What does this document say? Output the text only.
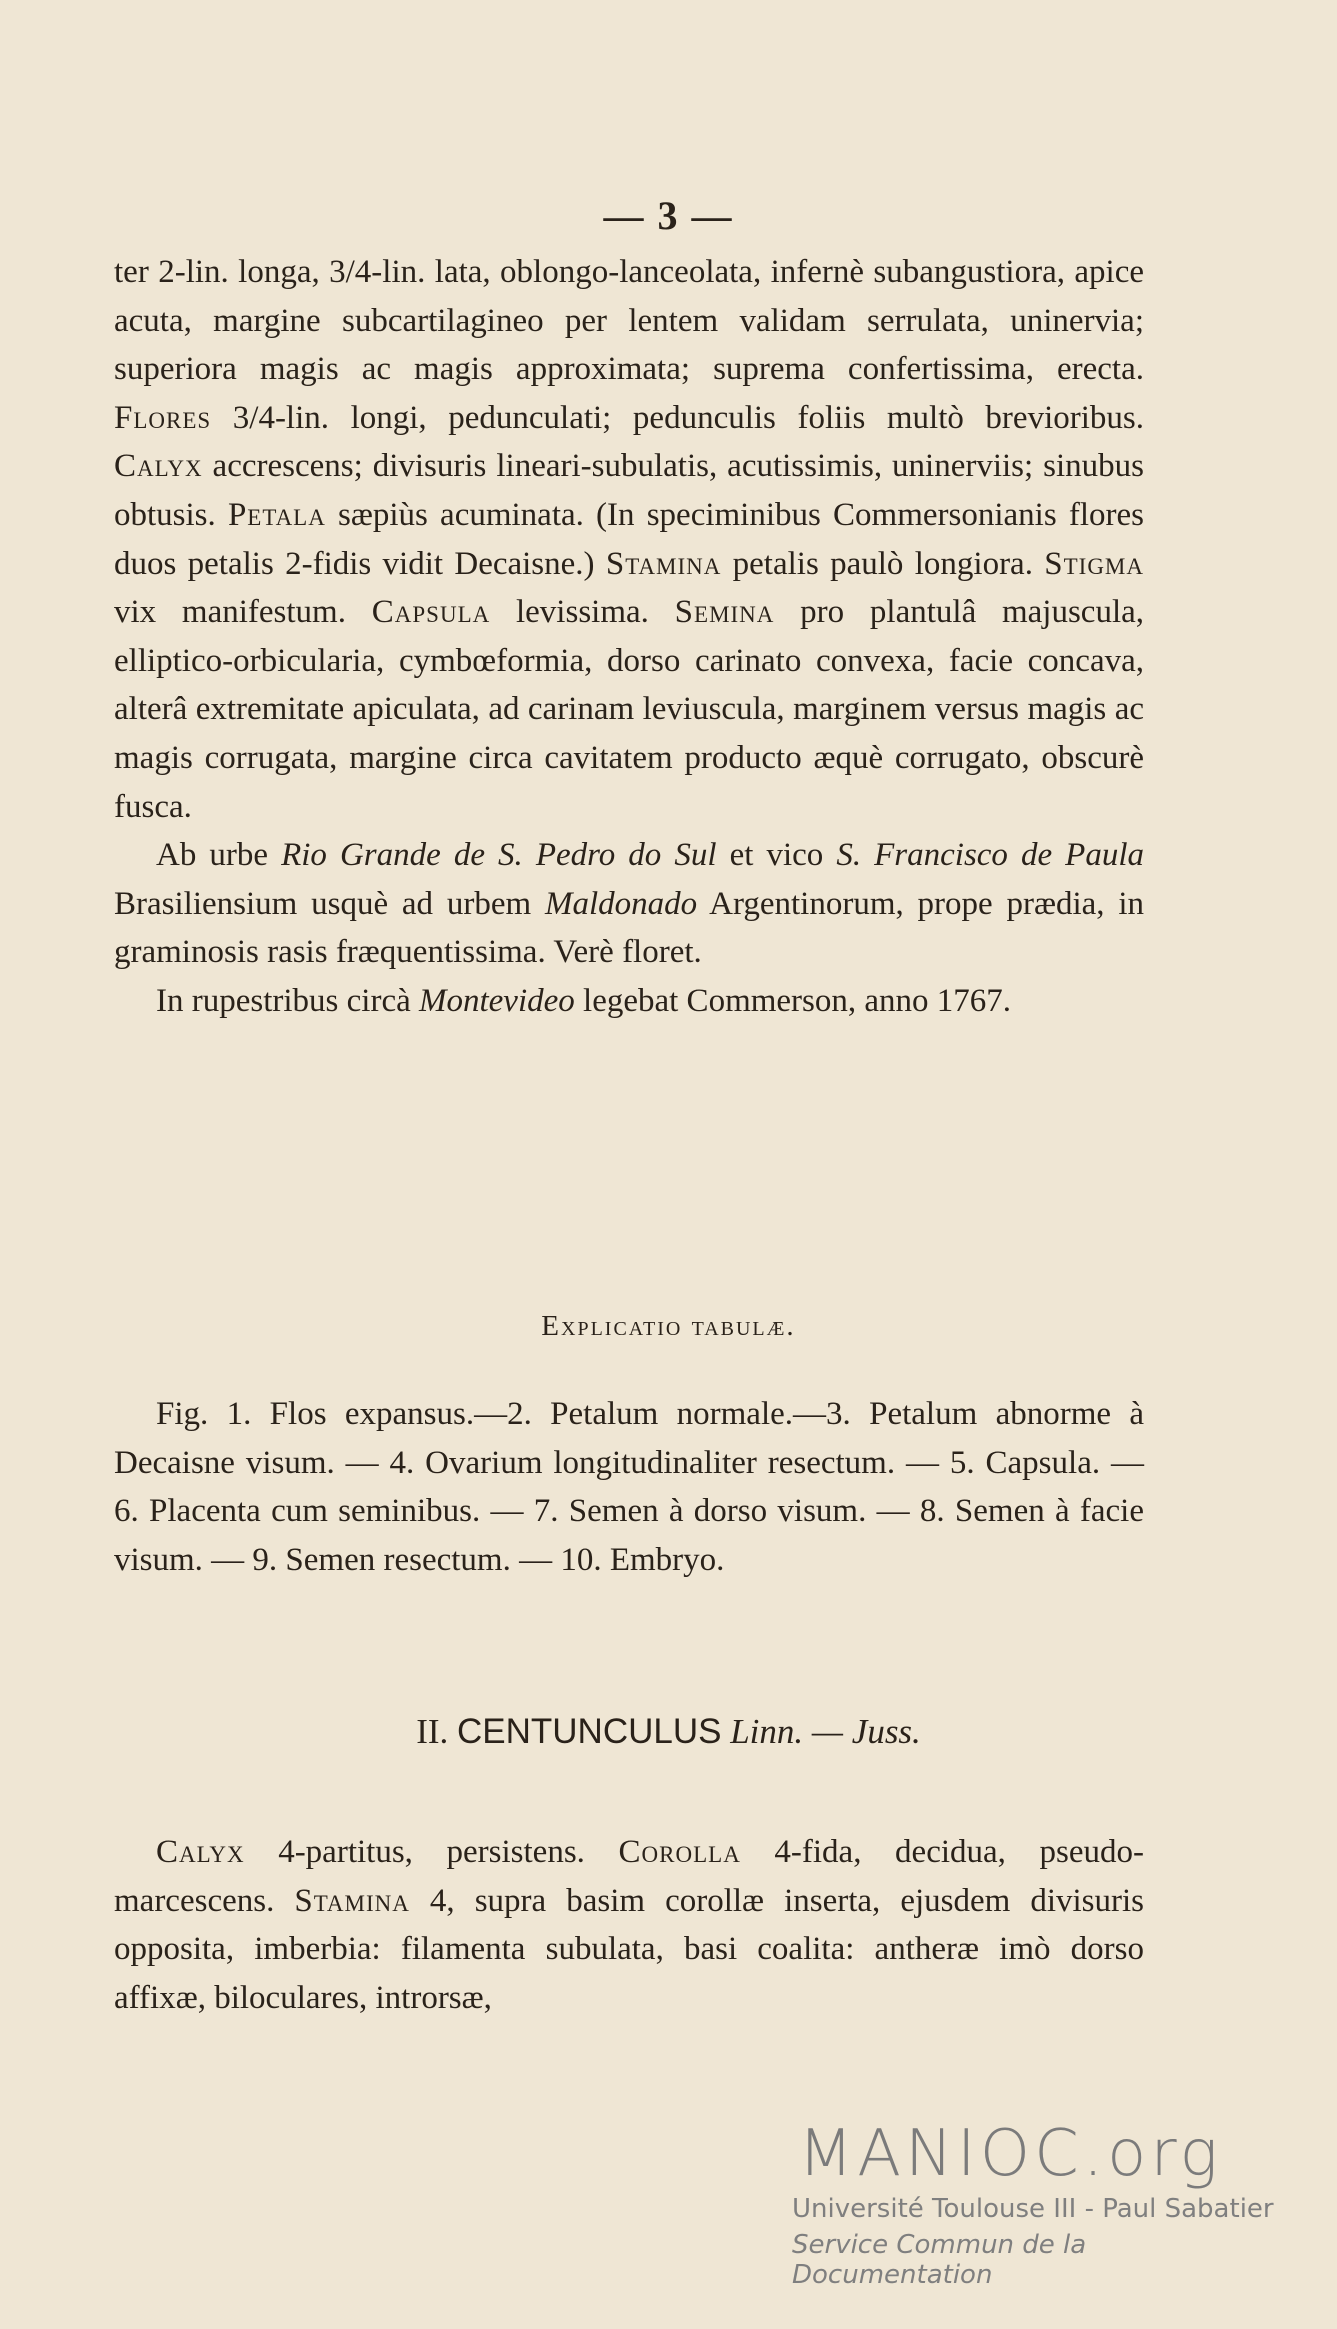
— 3 —

ter 2-lin. longa, 3/4-lin. lata, oblongo-lanceolata, infernè subangustiora, apice acuta, margine subcartilagineo per lentem validam serrulata, uninervia; superiora magis ac magis approximata; suprema confertissima, erecta. Flores 3/4-lin. longi, pedunculati; pedunculis foliis multò brevioribus. Calyx accrescens; divisuris lineari-subulatis, acutissimis, uninerviis; sinubus obtusis. Petala sæpiùs acuminata. (In speciminibus Commersonianis flores duos petalis 2-fidis vidit Decaisne.) Stamina petalis paulò longiora. Stigma vix manifestum. Capsula levissima. Semina pro plantulâ majuscula, elliptico-orbicularia, cymbœformia, dorso carinato convexa, facie concava, alterâ extremitate apiculata, ad carinam leviuscula, marginem versus magis ac magis corrugata, margine circa cavitatem producto æquè corrugato, obscurè fusca.

Ab urbe Rio Grande de S. Pedro do Sul et vico S. Francisco de Paula Brasiliensium usquè ad urbem Maldonado Argentinorum, prope prædia, in graminosis rasis fræquentissima. Verè floret.

In rupestribus circà Montevideo legebat Commerson, anno 1767.

Explicatio tabulæ.

Fig. 1. Flos expansus.—2. Petalum normale.—3. Petalum abnorme à Decaisne visum. — 4. Ovarium longitudinaliter resectum. — 5. Capsula. — 6. Placenta cum seminibus. — 7. Semen à dorso visum. — 8. Semen à facie visum. — 9. Semen resectum. — 10. Embryo.

II. CENTUNCULUS Linn. — Juss.

Calyx 4-partitus, persistens. Corolla 4-fida, decidua, pseudo-marcescens. Stamina 4, supra basim corollæ inserta, ejusdem divisuris opposita, imberbia: filamenta subulata, basi coalita: antheræ imò dorso affixæ, biloculares, introrsæ,

MANIOC.org
Université Toulouse III - Paul Sabatier
Service Commun de la Documentation
